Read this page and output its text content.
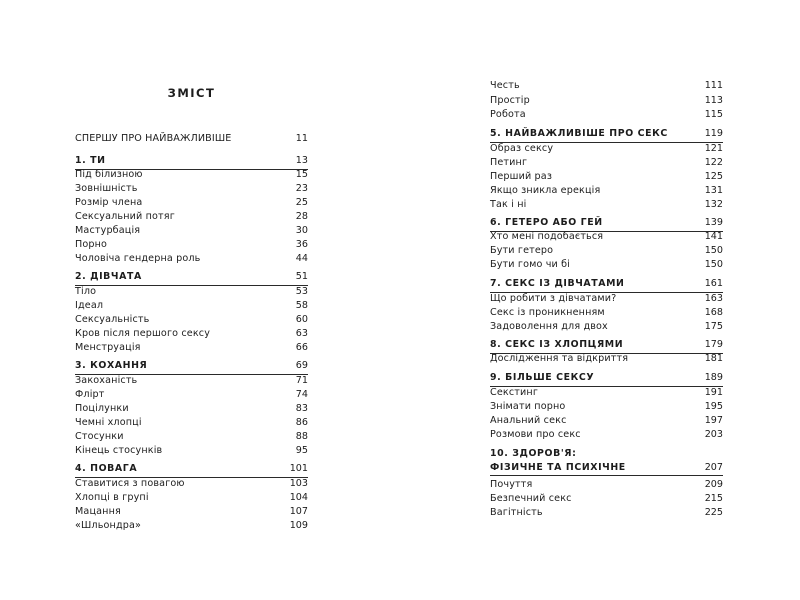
ЗМІСТ
СПЕРШУ ПРО НАЙВАЖЛИВІШЕ	11
1. ТИ	13
Під білизною	15
Зовнішність	23
Розмір члена	25
Сексуальний потяг	28
Мастурбація	30
Порно	36
Чоловіча гендерна роль	44
2. ДІВЧАТА	51
Тіло	53
Ідеал	58
Сексуальність	60
Кров після першого сексу	63
Менструація	66
3. КОХАННЯ	69
Закоханість	71
Флірт	74
Поцілунки	83
Чемні хлопці	86
Стосунки	88
Кінець стосунків	95
4. ПОВАГА	101
Ставитися з повагою	103
Хлопці в групі	104
Мацання	107
«Шльондра»	109
Честь	111
Простір	113
Робота	115
5. НАЙВАЖЛИВІШЕ ПРО СЕКС	119
Образ сексу	121
Петинг	122
Перший раз	125
Якщо зникла ерекція	131
Так і ні	132
6. ГЕТЕРО АБО ГЕЙ	139
Хто мені подобається	141
Бути гетеро	150
Бути гомо чи бі	150
7. СЕКС ІЗ ДІВЧАТАМИ	161
Що робити з дівчатами?	163
Секс із проникненням	168
Задоволення для двох	175
8. СЕКС ІЗ ХЛОПЦЯМИ	179
Дослідження та відкриття	181
9. БІЛЬШЕ СЕКСУ	189
Секстинг	191
Знімати порно	195
Анальний секс	197
Розмови про секс	203
10. ЗДОРОВ'Я: ФІЗИЧНЕ ТА ПСИХІЧНЕ	207
Почуття	209
Безпечний секс	215
Вагітність	225
